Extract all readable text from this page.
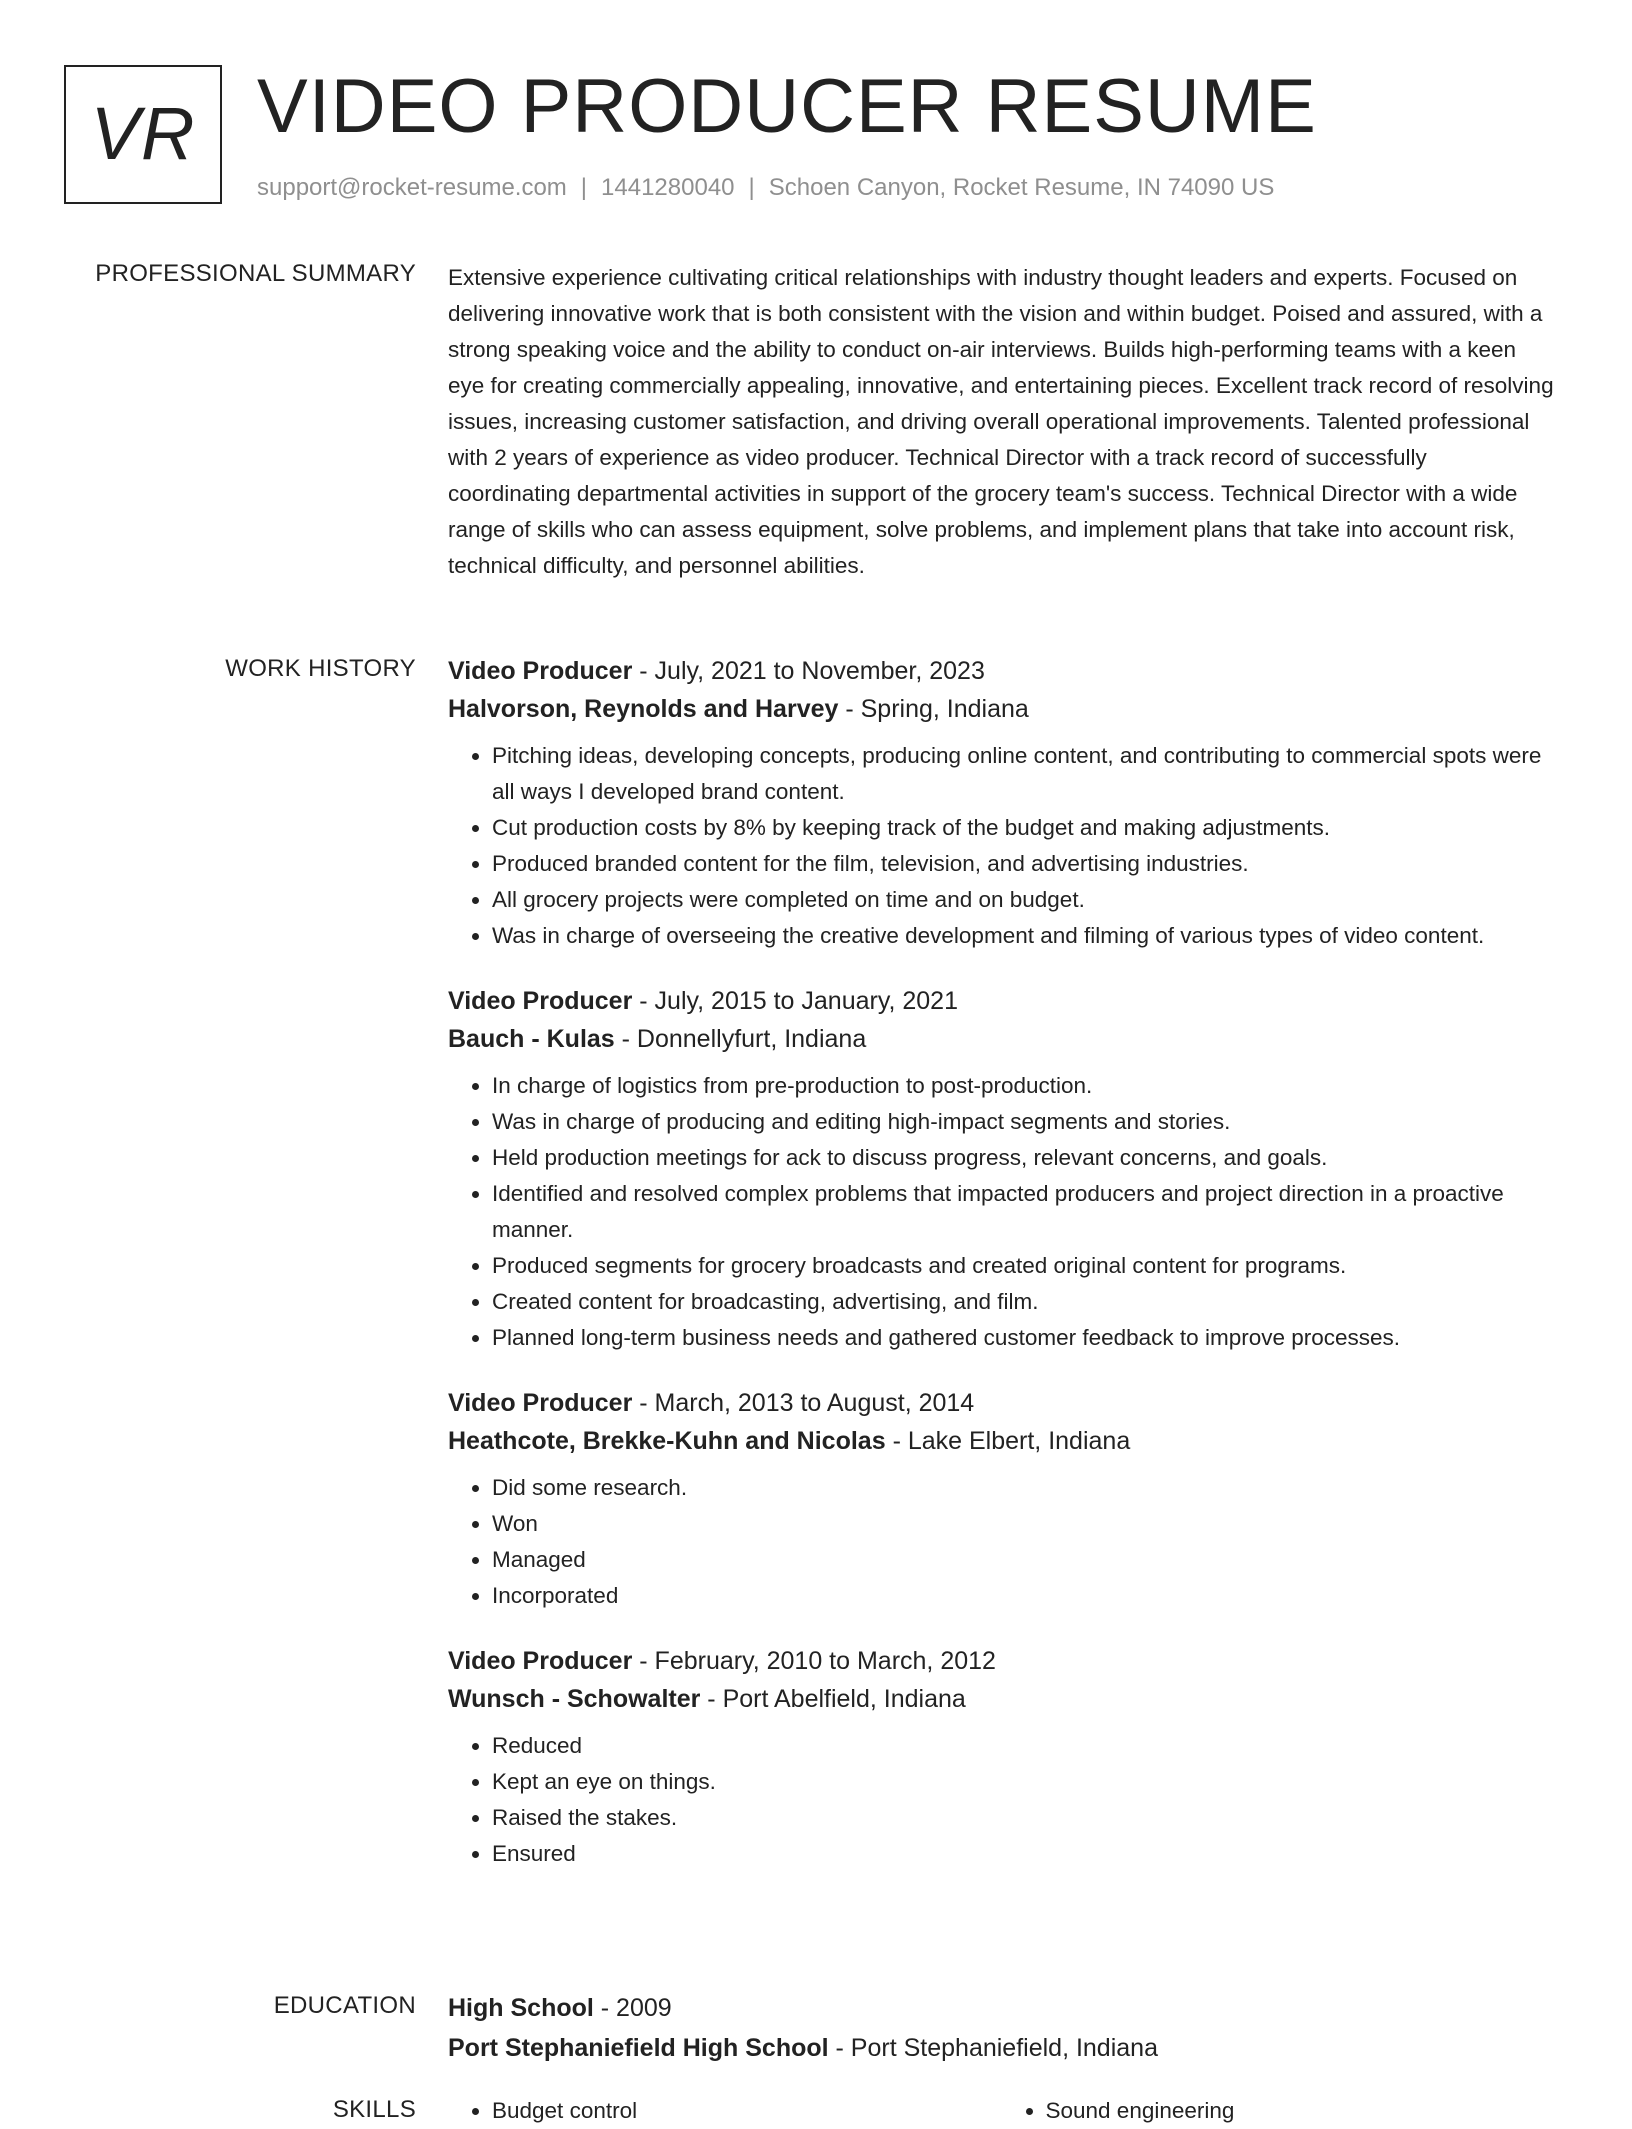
VR VIDEO PRODUCER RESUME
support@rocket-resume.com | 1441280040 | Schoen Canyon, Rocket Resume, IN 74090 US
PROFESSIONAL SUMMARY Extensive experience cultivating critical relationships with industry thought leaders and experts. Focused on delivering innovative work that is both consistent with the vision and within budget. Poised and assured, with a strong speaking voice and the ability to conduct on-air interviews. Builds high-performing teams with a keen eye for creating commercially appealing, innovative, and entertaining pieces. Excellent track record of resolving issues, increasing customer satisfaction, and driving overall operational improvements. Talented professional with 2 years of experience as video producer. Technical Director with a track record of successfully coordinating departmental activities in support of the grocery team's success. Technical Director with a wide range of skills who can assess equipment, solve problems, and implement plans that take into account risk, technical difficulty, and personnel abilities.

WORK HISTORY Video Producer - July, 2021 to November, 2023
Halvorson, Reynolds and Harvey - Spring, Indiana
• Pitching ideas, developing concepts, producing online content, and contributing to commercial spots were all ways I developed brand content.
• Cut production costs by 8% by keeping track of the budget and making adjustments.
• Produced branded content for the film, television, and advertising industries.
• All grocery projects were completed on time and on budget.
• Was in charge of overseeing the creative development and filming of various types of video content.
Video Producer - July, 2015 to January, 2021
Bauch - Kulas - Donnellyfurt, Indiana
• In charge of logistics from pre-production to post-production.
• Was in charge of producing and editing high-impact segments and stories.
• Held production meetings for ack to discuss progress, relevant concerns, and goals.
• Identified and resolved complex problems that impacted producers and project direction in a proactive manner.
• Produced segments for grocery broadcasts and created original content for programs.
• Created content for broadcasting, advertising, and film.
• Planned long-term business needs and gathered customer feedback to improve processes.
Video Producer - March, 2013 to August, 2014
Heathcote, Brekke-Kuhn and Nicolas - Lake Elbert, Indiana
• Did some research.
• Won
• Managed
• Incorporated
Video Producer - February, 2010 to March, 2012
Wunsch - Schowalter - Port Abelfield, Indiana
• Reduced
• Kept an eye on things.
• Raised the stakes.
• Ensured
EDUCATION High School - 2009
Port Stephaniefield High School - Port Stephaniefield, Indiana
SKILLS	• Budget control	• Sound engineering
